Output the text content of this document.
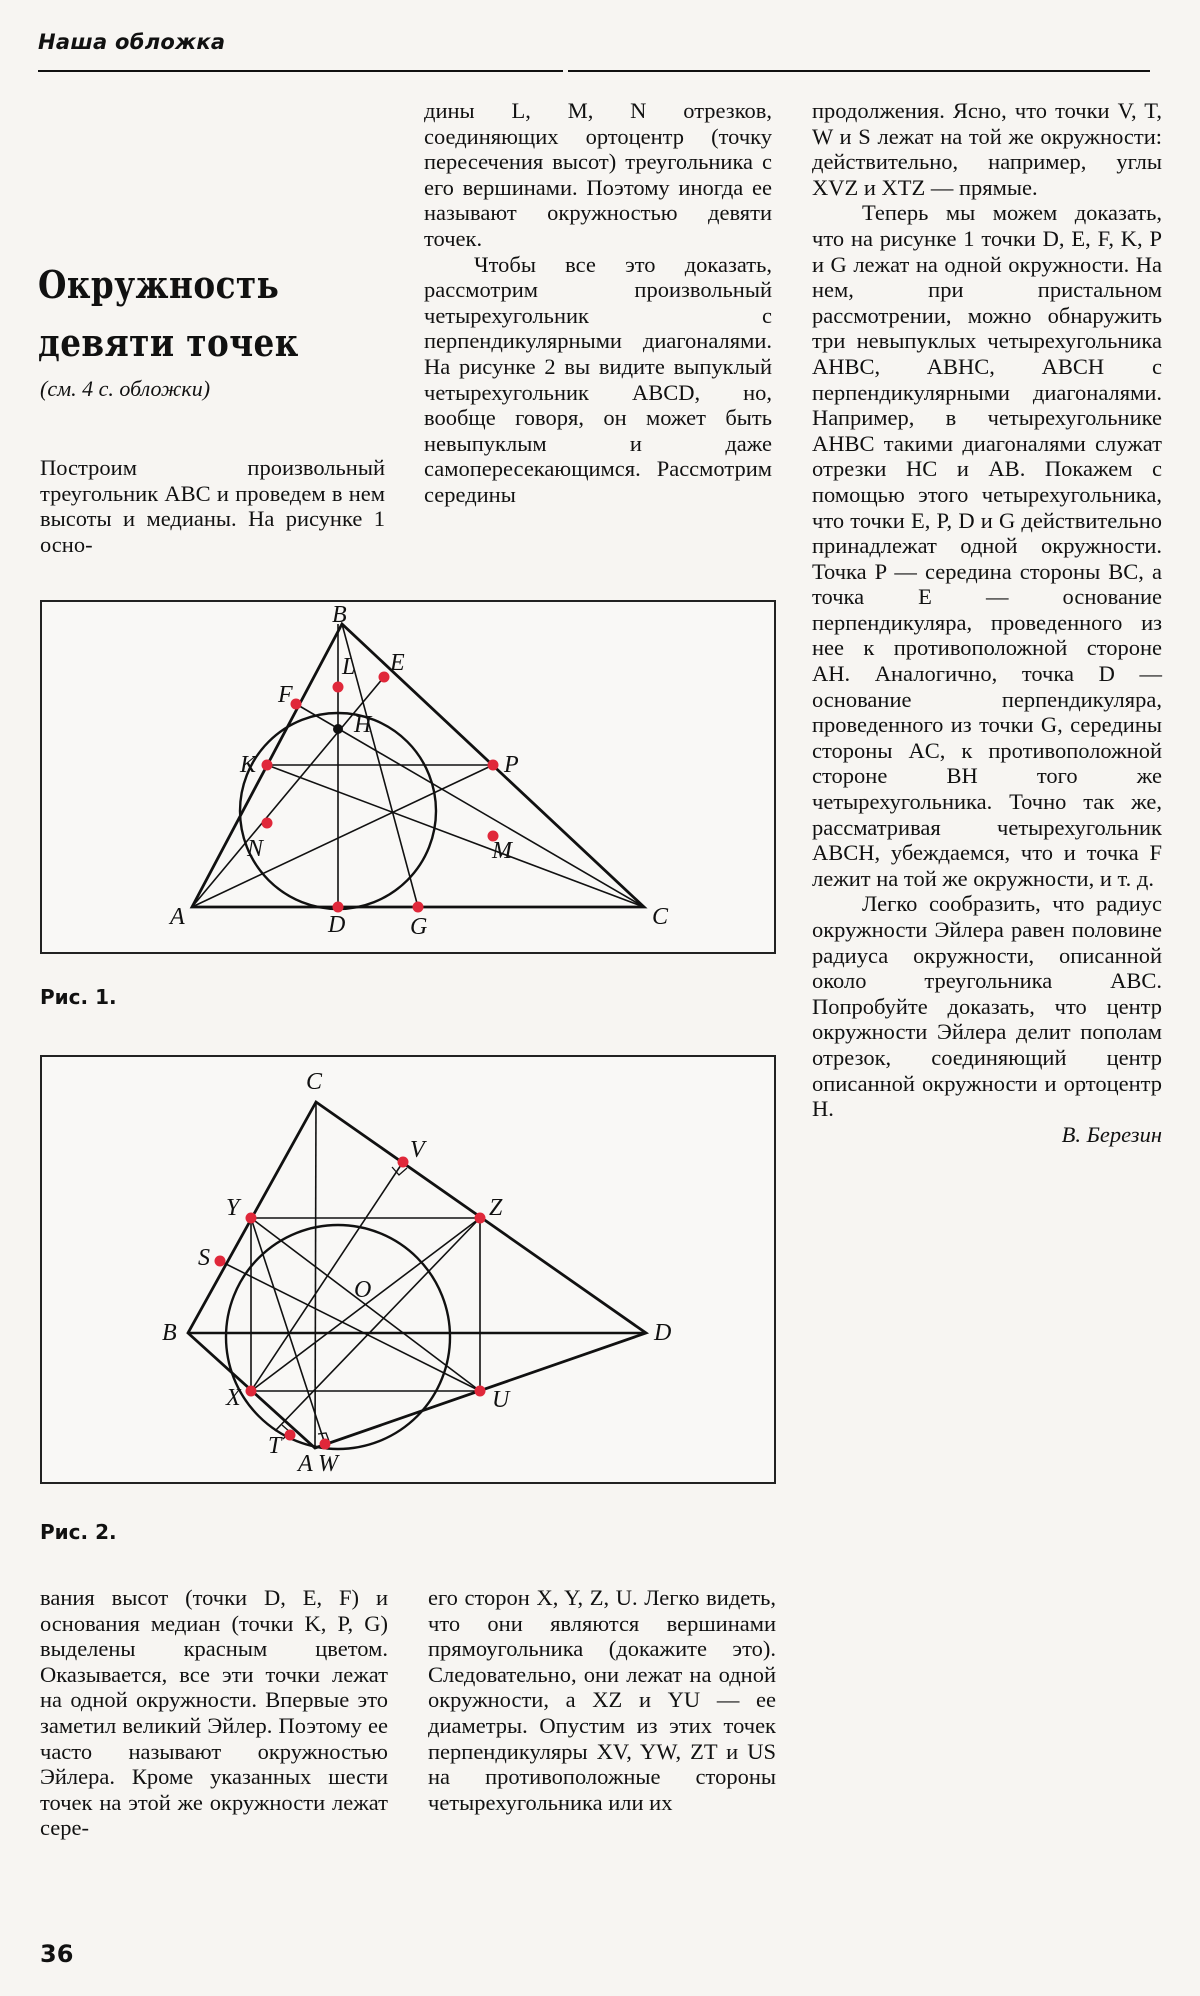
Наша обложка
Окружность
девяти точек
(см. 4 с. обложки)

Построим произвольный треугольник ABC и проведем в нем высоты и медианы. На рисунке 1 осно-

дины L, M, N отрезков, соединяющих ортоцентр (точку пересечения высот) треугольника с его вершинами. Поэтому иногда ее называют окружностью девяти точек.

Чтобы все это доказать, рассмотрим произвольный четырехугольник с перпендикулярными диагоналями. На рисунке 2 вы видите выпуклый четырехугольник ABCD, но, вообще говоря, он может быть невыпуклым и даже самопересекающимся. Рассмотрим середины

продолжения. Ясно, что точки V, T, W и S лежат на той же окружности: действительно, например, углы XVZ и XTZ — прямые.

Теперь мы можем доказать, что на рисунке 1 точки D, E, F, K, P и G лежат на одной окружности. На нем, при пристальном рассмотрении, можно обнаружить три невыпуклых четырехугольника AHBC, ABHC, ABCH с перпендикулярными диагоналями. Например, в четырехугольнике AHBC такими диагоналями служат отрезки HC и AB. Покажем с помощью этого четырехугольника, что точки E, P, D и G действительно принадлежат одной окружности. Точка P — середина стороны BC, а точка E — основание перпендикуляра, проведенного из нее к противоположной стороне AH. Аналогично, точка D — основание перпендикуляра, проведенного из точки G, середины стороны AC, к противоположной стороне BH того же четырехугольника. Точно так же, рассматривая четырехугольник ABCH, убеждаемся, что и точка F лежит на той же окружности, и т. д.

Легко сообразить, что радиус окружности Эйлера равен половине радиуса окружности, описанной около треугольника ABC. Попробуйте доказать, что центр окружности Эйлера делит пополам отрезок, соединяющий центр описанной окружности и ортоцентр H.

В. Березин

A
B
C
D
E
F
G
H
K
L
M
N
P
Рис. 1.
C
B	D
A W
Y	Z
X	U
V
S
T
O
Рис. 2.

вания высот (точки D, E, F) и основания медиан (точки K, P, G) выделены красным цветом. Оказывается, все эти точки лежат на одной окружности. Впервые это заметил великий Эйлер. Поэтому ее часто называют окружностью Эйлера. Кроме указанных шести точек на этой же окружности лежат сере-

его сторон X, Y, Z, U. Легко видеть, что они являются вершинами прямоугольника (докажите это). Следовательно, они лежат на одной окружности, а XZ и YU — ее диаметры. Опустим из этих точек перпендикуляры XV, YW, ZT и US на противоположные стороны четырехугольника или их

36
